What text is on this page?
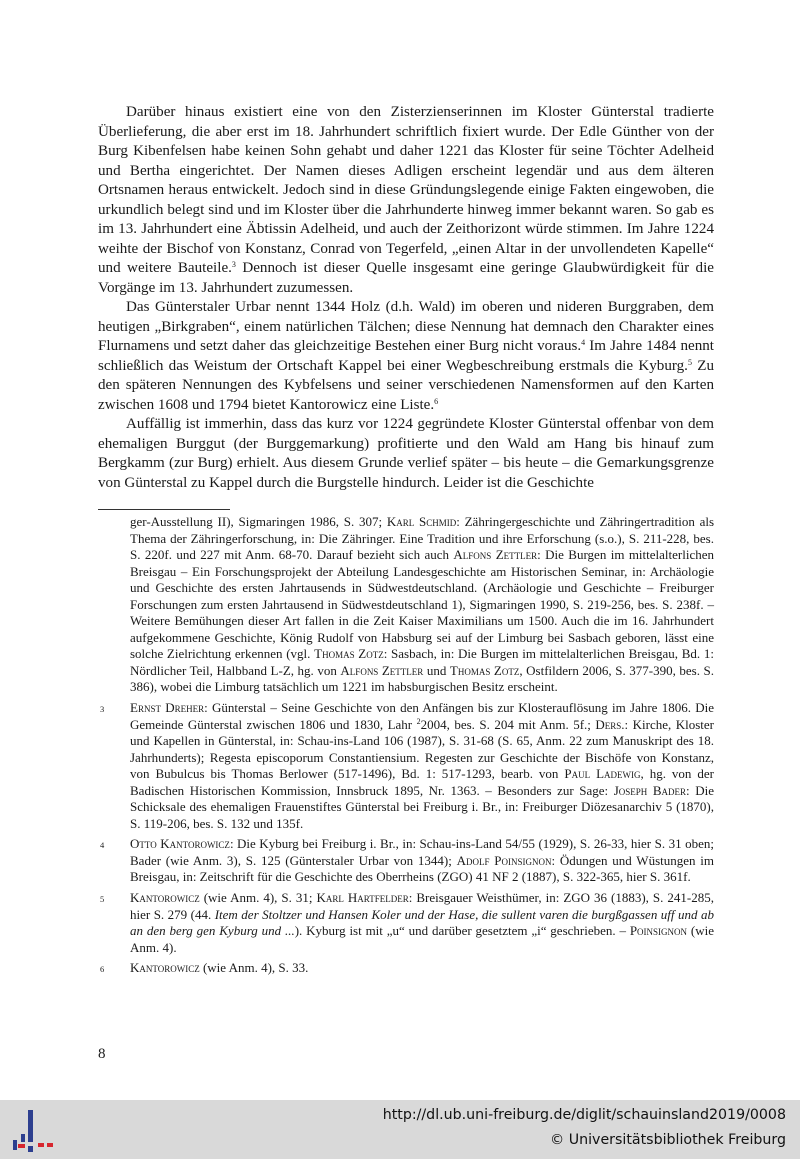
Darüber hinaus existiert eine von den Zisterzienserinnen im Kloster Günterstal tradierte Überlieferung, die aber erst im 18. Jahrhundert schriftlich fixiert wurde. Der Edle Günther von der Burg Kibenfelsen habe keinen Sohn gehabt und daher 1221 das Kloster für seine Töchter Adelheid und Bertha eingerichtet. Der Namen dieses Adligen erscheint legendär und aus dem älteren Ortsnamen heraus entwickelt. Jedoch sind in diese Gründungslegende einige Fakten eingewoben, die urkundlich belegt sind und im Kloster über die Jahrhunderte hinweg immer bekannt waren. So gab es im 13. Jahrhundert eine Äbtissin Adelheid, und auch der Zeithorizont würde stimmen. Im Jahre 1224 weihte der Bischof von Konstanz, Conrad von Tegerfeld, „einen Altar in der unvollendeten Kapelle“ und weitere Bauteile.$^3$ Dennoch ist dieser Quelle insgesamt eine geringe Glaubwürdigkeit für die Vorgänge im 13. Jahrhundert zuzumessen.

Das Günterstaler Urbar nennt 1344 Holz (d.h. Wald) im oberen und nideren Burggraben, dem heutigen „Birkgraben“, einem natürlichen Tälchen; diese Nennung hat demnach den Charakter eines Flurnamens und setzt daher das gleichzeitige Bestehen einer Burg nicht voraus.$^4$ Im Jahre 1484 nennt schließlich das Weistum der Ortschaft Kappel bei einer Wegbeschreibung erstmals die Kyburg.$^5$ Zu den späteren Nennungen des Kybfelsens und seiner verschiedenen Namensformen auf den Karten zwischen 1608 und 1794 bietet Kantorowicz eine Liste.$^6$

Auffällig ist immerhin, dass das kurz vor 1224 gegründete Kloster Günterstal offenbar von dem ehemaligen Burggut (der Burggemarkung) profitierte und den Wald am Hang bis hinauf zum Bergkamm (zur Burg) erhielt. Aus diesem Grunde verlief später – bis heute – die Gemarkungsgrenze von Günterstal zu Kappel durch die Burgstelle hindurch. Leider ist die Geschichte

ger-Ausstellung II), Sigmaringen 1986, S. 307; Karl Schmid: Zähringergeschichte und Zähringertradition als Thema der Zähringerforschung, in: Die Zähringer. Eine Tradition und ihre Erforschung (s.o.), S. 211-228, bes. S. 220f. und 227 mit Anm. 68-70. Darauf bezieht sich auch Alfons Zettler: Die Burgen im mittelalterlichen Breisgau – Ein Forschungsprojekt der Abteilung Landesgeschichte am Historischen Seminar, in: Archäologie und Geschichte des ersten Jahrtausends in Südwestdeutschland. (Archäologie und Geschichte – Freiburger Forschungen zum ersten Jahrtausend in Südwestdeutschland 1), Sigmaringen 1990, S. 219-256, bes. S. 238f. – Weitere Bemühungen dieser Art fallen in die Zeit Kaiser Maximilians um 1500. Auch die im 16. Jahrhundert aufgekommene Geschichte, König Rudolf von Habsburg sei auf der Limburg bei Sasbach geboren, lässt eine solche Zielrichtung erkennen (vgl. Thomas Zotz: Sasbach, in: Die Burgen im mittelalterlichen Breisgau, Bd. 1: Nördlicher Teil, Halbband L-Z, hg. von Alfons Zettler und Thomas Zotz, Ostfildern 2006, S. 377-390, bes. S. 386), wobei die Limburg tatsächlich um 1221 im habsburgischen Besitz erscheint.
3 Ernst Dreher: Günterstal – Seine Geschichte von den Anfängen bis zur Klosterauflösung im Jahre 1806. Die Gemeinde Günterstal zwischen 1806 und 1830, Lahr $^2$2004, bes. S. 204 mit Anm. 5f.; Ders.: Kirche, Kloster und Kapellen in Günterstal, in: Schau-ins-Land 106 (1987), S. 31-68 (S. 65, Anm. 22 zum Manuskript des 18. Jahrhunderts); Regesta episcoporum Constantiensium. Regesten zur Geschichte der Bischöfe von Konstanz, von Bubulcus bis Thomas Berlower (517-1496), Bd. 1: 517-1293, bearb. von Paul Ladewig, hg. von der Badischen Historischen Kommission, Innsbruck 1895, Nr. 1363. – Besonders zur Sage: Joseph Bader: Die Schicksale des ehemaligen Frauenstiftes Günterstal bei Freiburg i. Br., in: Freiburger Diözesanarchiv 5 (1870), S. 119-206, bes. S. 132 und 135f.
4 Otto Kantorowicz: Die Kyburg bei Freiburg i. Br., in: Schau-ins-Land 54/55 (1929), S. 26-33, hier S. 31 oben; Bader (wie Anm. 3), S. 125 (Günterstaler Urbar von 1344); Adolf Poinsignon: Ödungen und Wüstungen im Breisgau, in: Zeitschrift für die Geschichte des Oberrheins (ZGO) 41 NF 2 (1887), S. 322-365, hier S. 361f.
5 Kantorowicz (wie Anm. 4), S. 31; Karl Hartfelder: Breisgauer Weisthümer, in: ZGO 36 (1883), S. 241-285, hier S. 279 (44. Item der Stoltzer und Hansen Koler und der Hase, die sullent varen die burgßgassen uff und ab an den berg gen Kyburg und ...). Kyburg ist mit „u“ und darüber gesetztem „i“ geschrieben. – Poinsignon (wie Anm. 4).
6 Kantorowicz (wie Anm. 4), S. 33.
8
http://dl.ub.uni-freiburg.de/diglit/schauinsland2019/0008
© Universitätsbibliothek Freiburg
